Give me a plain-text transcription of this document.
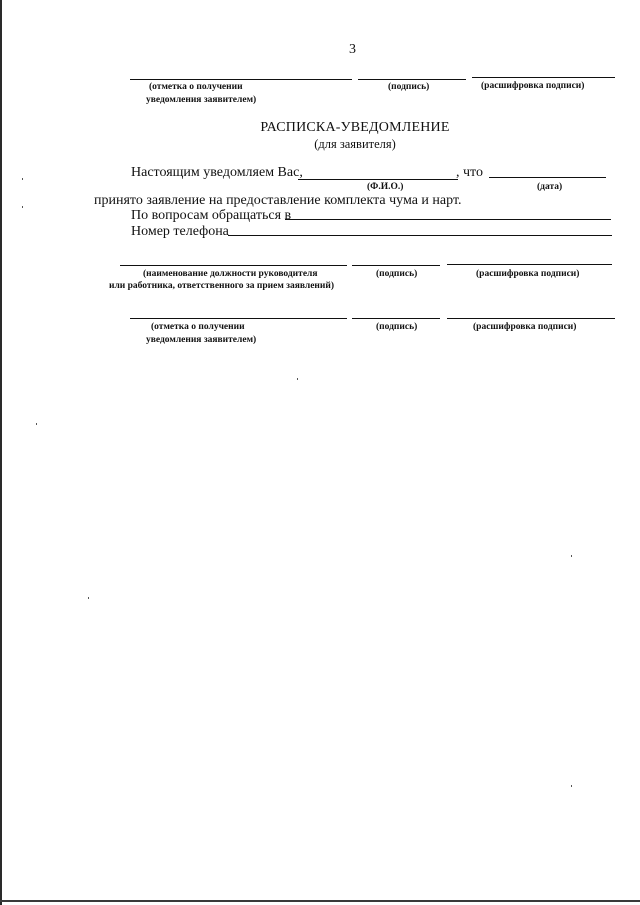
3
(отметка о получении
уведомления заявителем)
(подпись)	(расшифровка подписи)
РАСПИСКА-УВЕДОМЛЕНИЕ
(для заявителя)
Настоящим уведомляем Вас,	, что
(Ф.И.О.)	(дата)
принято заявление на предоставление комплекта чума и нарт.
По вопросам обращаться в
Номер телефона
(наименование должности руководителя
или работника, ответственного за прием заявлений)
(подпись)	(расшифровка подписи)
(отметка о получении
уведомления заявителем)
(подпись)	(расшифровка подписи)
